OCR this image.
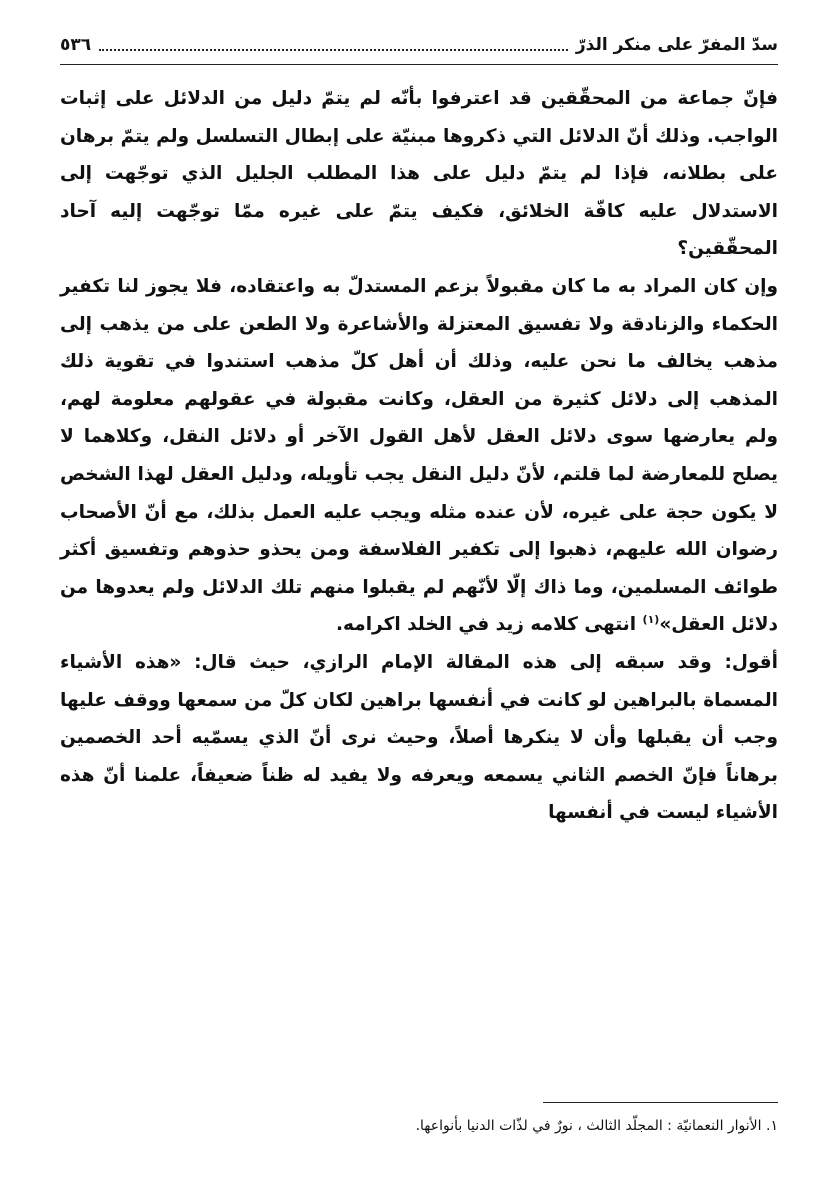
سدّ المفرّ على منكر الذرّ
٥٣٦

فإنّ جماعة من المحقّقين قد اعترفوا بأنّه لم يتمّ دليل من الدلائل على إثبات الواجب. وذلك أنّ الدلائل التي ذكروها مبنيّة على إبطال التسلسل ولم يتمّ برهان على بطلانه، فإذا لم يتمّ دليل على هذا المطلب الجليل الذي توجّهت إلى الاستدلال عليه كافّة الخلائق، فكيف يتمّ على غيره ممّا توجّهت إليه آحاد المحقّقين؟

وإن كان المراد به ما كان مقبولاً بزعم المستدلّ به واعتقاده، فلا يجوز لنا تكفير الحكماء والزنادقة ولا تفسيق المعتزلة والأشاعرة ولا الطعن على من يذهب إلى مذهب يخالف ما نحن عليه، وذلك أن أهل كلّ مذهب استندوا في تقوية ذلك المذهب إلى دلائل كثيرة من العقل، وكانت مقبولة في عقولهم معلومة لهم، ولم يعارضها سوى دلائل العقل لأهل القول الآخر أو دلائل النقل، وكلاهما لا يصلح للمعارضة لما قلتم، لأنّ دليل النقل يجب تأويله، ودليل العقل لهذا الشخص لا يكون حجة على غيره، لأن عنده مثله ويجب عليه العمل بذلك، مع أنّ الأصحاب رضوان الله عليهم، ذهبوا إلى تكفير الفلاسفة ومن يحذو حذوهم وتفسيق أكثر طوائف المسلمين، وما ذاك إلّا لأنّهم لم يقبلوا منهم تلك الدلائل ولم يعدوها من دلائل العقل»$^{(١)}$ انتهى كلامه زيد في الخلد اكرامه.

أقول: وقد سبقه إلى هذه المقالة الإمام الرازي، حيث قال: «هذه الأشياء المسماة بالبراهين لو كانت في أنفسها براهين لكان كلّ من سمعها ووقف عليها وجب أن يقبلها وأن لا ينكرها أصلاً، وحيث نرى أنّ الذي يسمّيه أحد الخصمين برهاناً فإنّ الخصم الثاني يسمعه ويعرفه ولا يفيد له ظناً ضعيفاً، علمنا أنّ هذه الأشياء ليست في أنفسها

١. الأنوار النعمانيّة : المجلّد الثالث ، نورٌ في لذّات الدنيا بأنواعها.
